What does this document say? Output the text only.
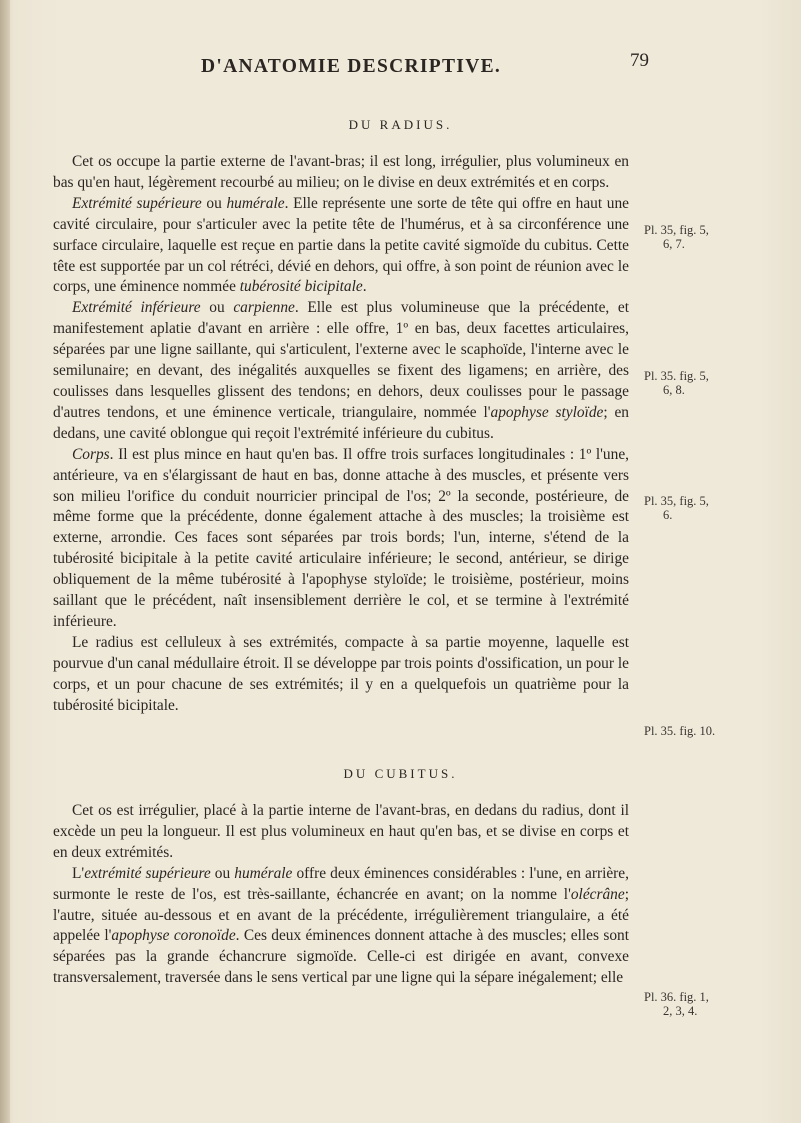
D'ANATOMIE DESCRIPTIVE.	79
DU RADIUS.

Cet os occupe la partie externe de l'avant-bras; il est long, irrégulier, plus volumineux en bas qu'en haut, légèrement recourbé au milieu; on le divise en deux extrémités et en corps.

Extrémité supérieure ou humérale. Elle représente une sorte de tête qui offre en haut une cavité circulaire, pour s'articuler avec la petite tête de l'humérus, et à sa circonférence une surface circulaire, laquelle est reçue en partie dans la petite cavité sigmoïde du cubitus. Cette tête est supportée par un col rétréci, dévié en dehors, qui offre, à son point de réunion avec le corps, une éminence nommée tubérosité bicipitale.

Extrémité inférieure ou carpienne. Elle est plus volumineuse que la précédente, et manifestement aplatie d'avant en arrière : elle offre, 1º en bas, deux facettes articulaires, séparées par une ligne saillante, qui s'articulent, l'externe avec le scaphoïde, l'interne avec le semilunaire; en devant, des inégalités auxquelles se fixent des ligamens; en arrière, des coulisses dans lesquelles glissent des tendons; en dehors, deux coulisses pour le passage d'autres tendons, et une éminence verticale, triangulaire, nommée l'apophyse styloïde; en dedans, une cavité oblongue qui reçoit l'extrémité inférieure du cubitus.

Corps. Il est plus mince en haut qu'en bas. Il offre trois surfaces longitudinales : 1º l'une, antérieure, va en s'élargissant de haut en bas, donne attache à des muscles, et présente vers son milieu l'orifice du conduit nourricier principal de l'os; 2º la seconde, postérieure, de même forme que la précédente, donne également attache à des muscles; la troisième est externe, arrondie. Ces faces sont séparées par trois bords; l'un, interne, s'étend de la tubérosité bicipitale à la petite cavité articulaire inférieure; le second, antérieur, se dirige obliquement de la même tubérosité à l'apophyse styloïde; le troisième, postérieur, moins saillant que le précédent, naît insensiblement derrière le col, et se termine à l'extrémité inférieure.

Le radius est celluleux à ses extrémités, compacte à sa partie moyenne, laquelle est pourvue d'un canal médullaire étroit. Il se développe par trois points d'ossification, un pour le corps, et un pour chacune de ses extrémités; il y en a quelquefois un quatrième pour la tubérosité bicipitale.

DU CUBITUS.

Cet os est irrégulier, placé à la partie interne de l'avant-bras, en dedans du radius, dont il excède un peu la longueur. Il est plus volumineux en haut qu'en bas, et se divise en corps et en deux extrémités.

L'extrémité supérieure ou humérale offre deux éminences considérables : l'une, en arrière, surmonte le reste de l'os, est très-saillante, échancrée en avant; on la nomme l'olécrâne; l'autre, située au-dessous et en avant de la précédente, irrégulièrement triangulaire, a été appelée l'apophyse coronoïde. Ces deux éminences donnent attache à des muscles; elles sont séparées pas la grande échancrure sigmoïde. Celle-ci est dirigée en avant, convexe transversalement, traversée dans le sens vertical par une ligne qui la sépare inégalement; elle

Pl. 35, fig. 5,
6, 7.
Pl. 35. fig. 5,
6, 8.
Pl. 35, fig. 5,
6.
Pl. 35. fig. 10.
Pl. 36. fig. 1,
2, 3, 4.
